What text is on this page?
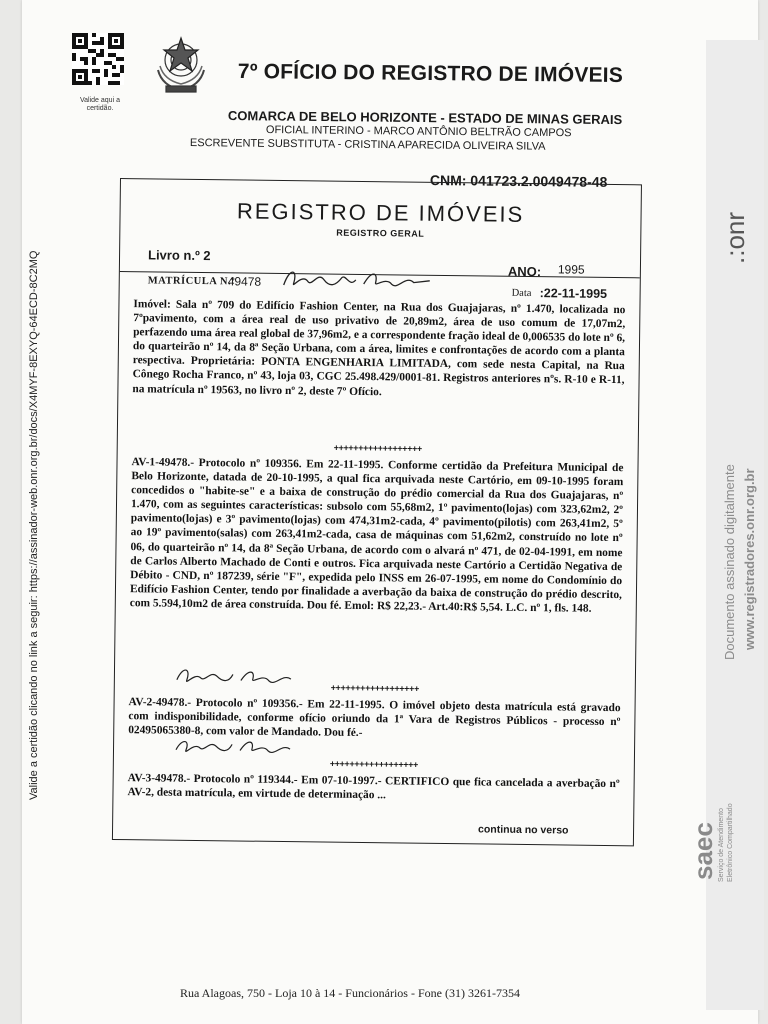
Valide aqui a certidão.
7º OFÍCIO DO REGISTRO DE IMÓVEIS
COMARCA DE BELO HORIZONTE - ESTADO DE MINAS GERAIS
OFICIAL INTERINO - MARCO ANTÔNIO BELTRÃO CAMPOS
ESCREVENTE SUBSTITUTA - CRISTINA APARECIDA OLIVEIRA SILVA
CNM: 041723.2.0049478-48
Valide a certidão clicando no link a seguir: https://assinador-web.onr.org.br/docs/X4MYF-8EXYQ-64ECD-8C2MQ
REGISTRO DE IMÓVEIS
REGISTRO GERAL
Livro n.º 2
ANO: 1995
MATRÍCULA N.º
49478
Data :22-11-1995
Imóvel: Sala nº 709 do Edifício Fashion Center, na Rua dos Guajajaras, nº 1.470, localizada no 7ºpavimento, com a área real de uso privativo de 20,89m2, área de uso comum de 17,07m2, perfazendo uma área real global de 37,96m2, e a correspondente fração ideal de 0,006535 do lote nº 6, do quarteirão nº 14, da 8ª Seção Urbana, com a área, limites e confrontações de acordo com a planta respectiva. Proprietária: PONTA ENGENHARIA LIMITADA, com sede nesta Capital, na Rua Cônego Rocha Franco, nº 43, loja 03, CGC 25.498.429/0001-81. Registros anteriores nºs. R-10 e R-11, na matrícula nº 19563, no livro nº 2, deste 7º Ofício.
++++++++++++++++++
AV-1-49478.- Protocolo nº 109356. Em 22-11-1995. Conforme certidão da Prefeitura Municipal de Belo Horizonte, datada de 20-10-1995, a qual fica arquivada neste Cartório, em 09-10-1995 foram concedidos o "habite-se" e a baixa de construção do prédio comercial da Rua dos Guajajaras, nº 1.470, com as seguintes características: subsolo com 55,68m2, 1º pavimento(lojas) com 323,62m2, 2º pavimento(lojas) e 3º pavimento(lojas) com 474,31m2-cada, 4º pavimento(pilotis) com 263,41m2, 5º ao 19º pavimento(salas) com 263,41m2-cada, casa de máquinas com 51,62m2, construído no lote nº 06, do quarteirão nº 14, da 8ª Seção Urbana, de acordo com o alvará nº 471, de 02-04-1991, em nome de Carlos Alberto Machado de Conti e outros. Fica arquivada neste Cartório a Certidão Negativa de Débito - CND, nº 187239, série "F", expedida pelo INSS em 26-07-1995, em nome do Condomínio do Edifício Fashion Center, tendo por finalidade a averbação da baixa de construção do prédio descrito, com 5.594,10m2 de área construída. Dou fé. Emol: R$ 22,23.- Art.40:R$ 5,54. L.C. nº 1, fls. 148.
++++++++++++++++++
AV-2-49478.- Protocolo nº 109356.- Em 22-11-1995. O imóvel objeto desta matrícula está gravado com indisponibilidade, conforme ofício oriundo da 1ª Vara de Registros Públicos - processo nº 02495065380-8, com valor de Mandado. Dou fé.-
++++++++++++++++++
AV-3-49478.- Protocolo nº 119344.- Em 07-10-1997.- CERTIFICO que fica cancelada a averbação nº AV-2, desta matrícula, em virtude de determinação ...
continua no verso
.:onr
Documento assinado digitalmente www.registradores.onr.org.br
saec Serviço de Atendimento Eletrônico Compartilhado
Rua Alagoas, 750 - Loja 10 à 14 - Funcionários - Fone (31) 3261-7354
